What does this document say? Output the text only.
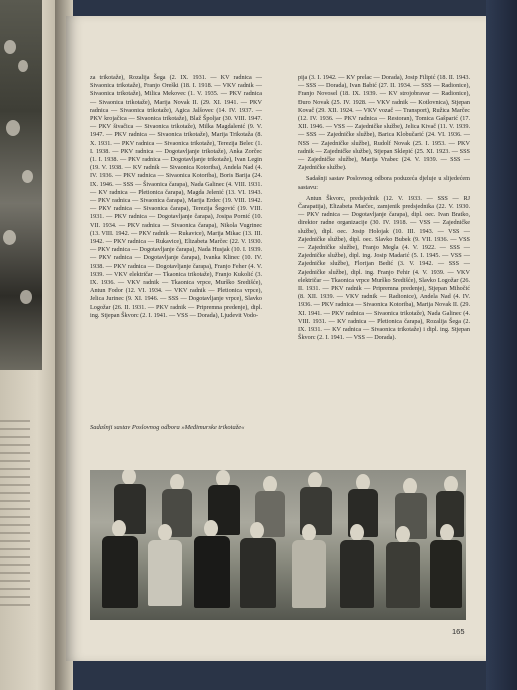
za trikotaže), Rozalija Šega (2. IX. 1931. — KV radnica — Sivaonica trikotaže), Franjo Oreški (18. I. 1918. — VKV radnik — Sivaonica trikotaže), Milica Mekovec (1. V. 1935. — PKV radnica — Sivaonica trikotaže), Marija Novak II. (29. XI. 1941. — PKV radnica — Sivaonica trikotaže), Agica Jalšovec (14. IV. 1937. — PKV krojačica — Sivaonica trikotaže), Blaž Špoljar (30. VIII. 1947. — PKV šivačica — Sivaonica trikotaže), Milka Magdalenić (9. V. 1947. — PKV radnica — Sivaonica trikotaže), Marija Trikotaža (8. X. 1931. — PKV radnica — Sivaonica trikotaže), Terezija Belec (1. I. 1938. — PKV radnica — Dogotavljanje trikotaže), Anka Zorčec (1. I. 1938. — PKV radnica — Dogotavljanje trikotaže), Ivan Legin (19. V. 1938. — KV radnik — Sivaonica Kotoriba), Andela Nad (4. IV. 1936. — PKV radnica — Sivaonica Kotoriba), Boris Barija (24. IX. 1946. — SSS — Šivaonica čarapa), Nada Galinec (4. VIII. 1931. — KV radnica — Pletionica čarapa), Magda Jelenić (13. VI. 1943. — PKV radnica — Sivaonica čarapa), Marija Erdec (19. VIII. 1942. — PKV radnica — Sivaonica čarapa), Terezija Šegović (19. VIII. 1931. — PKV radnica — Dogotavljanje čarapa), Josipa Pornić (10. VII. 1934. — PKV radnica — Sivaonica čarapa), Nikola Vugrinec (13. VIII. 1942. — PKV radnik — Rukavice), Marija Mikac (13. III. 1942. — PKV radnica — Rukavice), Elizabeta Marčec (22. V. 1930. — PKV radnica — Dogotavljanje čarapa), Nada Husjak (10. I. 1939. — PKV radnica — Dogotavljanje čarapa), Ivanka Klinec (10. IV. 1938. — PKV radnica — Dogotavljanje čarapa), Franjo Feher (4. V. 1939. — VKV električar — Tkaonica trikotaže), Franjo Kukolić (3. IX. 1936. — VKV radnik — Tkaonica vrpce, Murško Središće), Antun Fodor (12. VI. 1934. — VKV radnik — Pletionica vrpce), Jelica Jurinec (9. XI. 1946. — SSS — Dogotavljanje vrpce), Slavko Logožar (26. II. 1931. — PKV radnik — Pripremna predenje), dipl. ing. Stjepan Škvorc (2. I. 1941. — VSS — Dorada), Ljudevit Vodo-

pija (3. I. 1942. — KV prelac — Dorada), Josip Filipić (18. II. 1943. — SSS — Dorada), Ivan Babić (27. II. 1934. — SSS — Radionice), Franjo Novosel (18. IX. 1939. — KV strojobravar — Radionice), Đuro Novak (25. IV. 1928. — VKV radnik — Kotlovnica), Stjepan Kovač (29. XII. 1924. — VKV vozač — Transport), Ružica Marčec (12. IV. 1936. — PKV radnica — Restoran), Tomica Gašparić (17. XII. 1946. — VSS — Zajedničke službe), Jelica Kivač (11. V. 1939. — SSS — Zajedničke službe), Barica Klobučarić (24. VI. 1936. — NSS — Zajedničke službe), Rudolf Novak (25. I. 1953. — PKV radnik — Zajedničke službe), Stjepan Sklepić (25. XI. 1923. — SSS — Zajedničke službe), Marija Vrabec (24. V. 1939. — SSS — Zajedničke službe).

Sadašnji sastav Poslovnog odbora poduzeća djeluje u slijedećem sastavu:

Antun Škvorc, predsjednik (12. V. 1933. — SSS — RJ Čarapatija), Elizabeta Marčec, zamjenik predsjednika (22. V. 1930. — PKV radnica — Dogotavljanje čarapa), dipl. oec. Ivan Bratko, direktor radne organizacije (30. IV. 1918. — VSS — Zajedničke službe), dipl. oec. Josip Holojak (10. III. 1943. — VSS — Zajedničke službe), dipl. oec. Slavko Bubek (9. VII. 1936. — VSS — Zajedničke službe), Franjo Megla (4. V. 1922. — SSS — Zajedničke službe), dipl. ing. Josip Madarić (5. I. 1945. — VSS — Zajedničke službe), Florijan Bedić (3. V. 1942. — SSS — Zajedničke službe), dipl. ing. Franjo Fehir (4. V. 1939. — VKV električar — Tkaonica vrpce Murško Središće), Slavko Logožar (26. II. 1931. — PKV radnik — Pripremna predenje), Stjepan Mihočić (8. XII. 1939. — VKV radnik — Radionice), Andela Nad (4. IV. 1936. — PKV radnica — Sivaonica Kotoriba), Marija Novak II. (29. XI. 1941. — PKV radnica — Sivaonica trikotaže), Nada Galinec (4. VIII. 1931. — KV radnica — Pletionica čarapa), Rozalija Šega (2. IX. 1931. — KV radnica — Sivaonica trikotaže) i dipl. ing. Stjepan Škvorc (2. I. 1941. — VSS — Dorada).

Sadašnji sastav Poslovnog odbora »Međimurske trikotaže«
165
